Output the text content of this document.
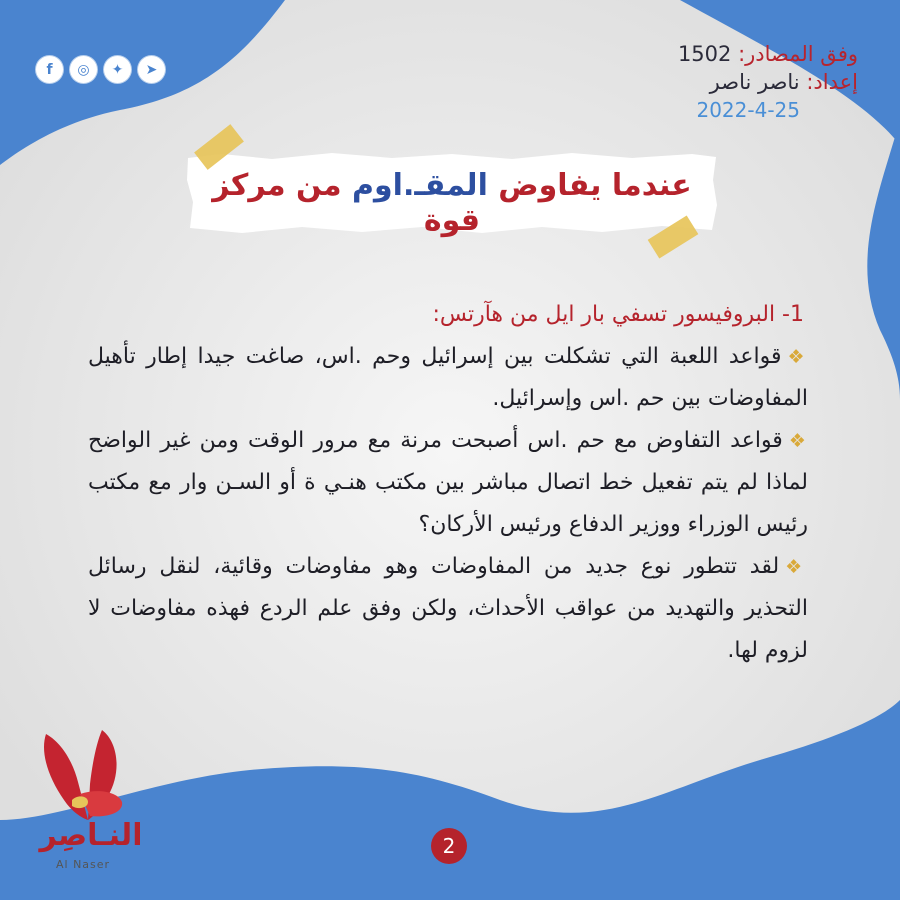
وفق المصادر: 1502
إعداد: ناصر ناصر
2022-4-25
f	◎	✦	➤
عندما يفاوض المقـ.اوم من مركز قوة

1- البروفيسور تسفي بار ايل من هآرتس:

❖قواعد اللعبة التي تشكلت بين إسرائيل وحم .اس، صاغت جيدا إطار تأهيل المفاوضات بين حم .اس وإسرائيل.

❖قواعد التفاوض مع حم .اس أصبحت مرنة مع مرور الوقت ومن غير الواضح لماذا لم يتم تفعيل خط اتصال مباشر بين مكتب هنـي ة أو السـن وار مع مكتب رئيس الوزراء ووزير الدفاع ورئيس الأركان؟

❖لقد تتطور نوع جديد من المفاوضات وهو مفاوضات وقائية، لنقل رسائل التحذير والتهديد من عواقب الأحداث، ولكن وفق علم الردع فهذه مفاوضات لا لزوم لها.

النـاصِر
Al Naser
2
